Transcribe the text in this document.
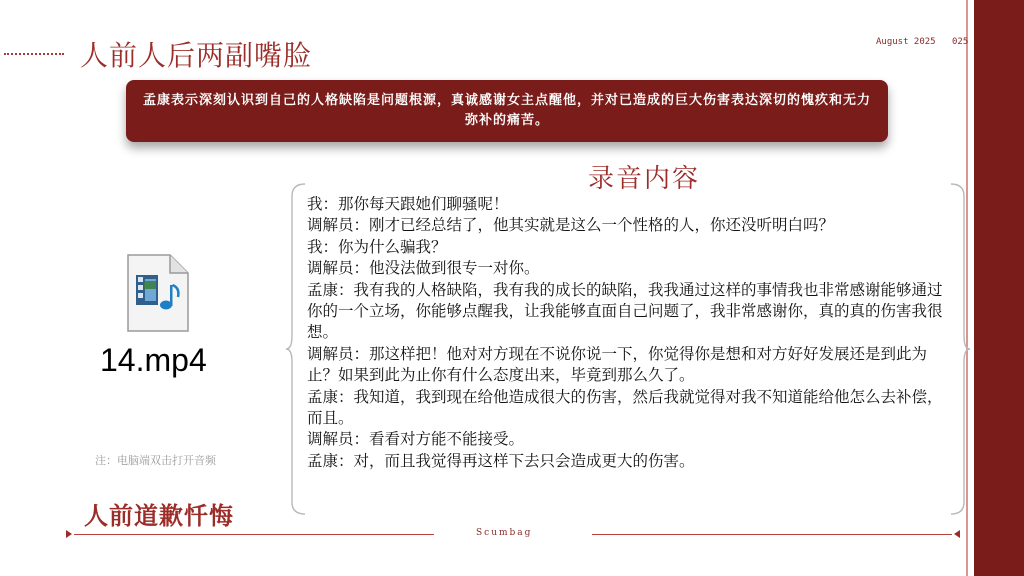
人前人后两副嘴脸	August 2025 025
孟康表示深刻认识到自己的人格缺陷是问题根源，真诚感谢女主点醒他，并对已造成的巨大伤害表达深切的愧疚和无力弥补的痛苦。
录音内容
14.mp4
注：电脑端双击打开音频
人前道歉忏悔
我：那你每天跟她们聊骚呢！
调解员：刚才已经总结了，他其实就是这么一个性格的人，你还没听明白吗？
我：你为什么骗我？
调解员：他没法做到很专一对你。
孟康：我有我的人格缺陷，我有我的成长的缺陷，我我通过这样的事情我也非常感谢能够通过你的一个立场，你能够点醒我，让我能够直面自己问题了，我非常感谢你，真的真的伤害我很想。
调解员：那这样把！他对对方现在不说你说一下，你觉得你是想和对方好好发展还是到此为止？如果到此为止你有什么态度出来，毕竟到那么久了。
孟康：我知道，我到现在给他造成很大的伤害，然后我就觉得对我不知道能给他怎么去补偿，而且。
调解员：看看对方能不能接受。
孟康：对，而且我觉得再这样下去只会造成更大的伤害。
Scumbag
